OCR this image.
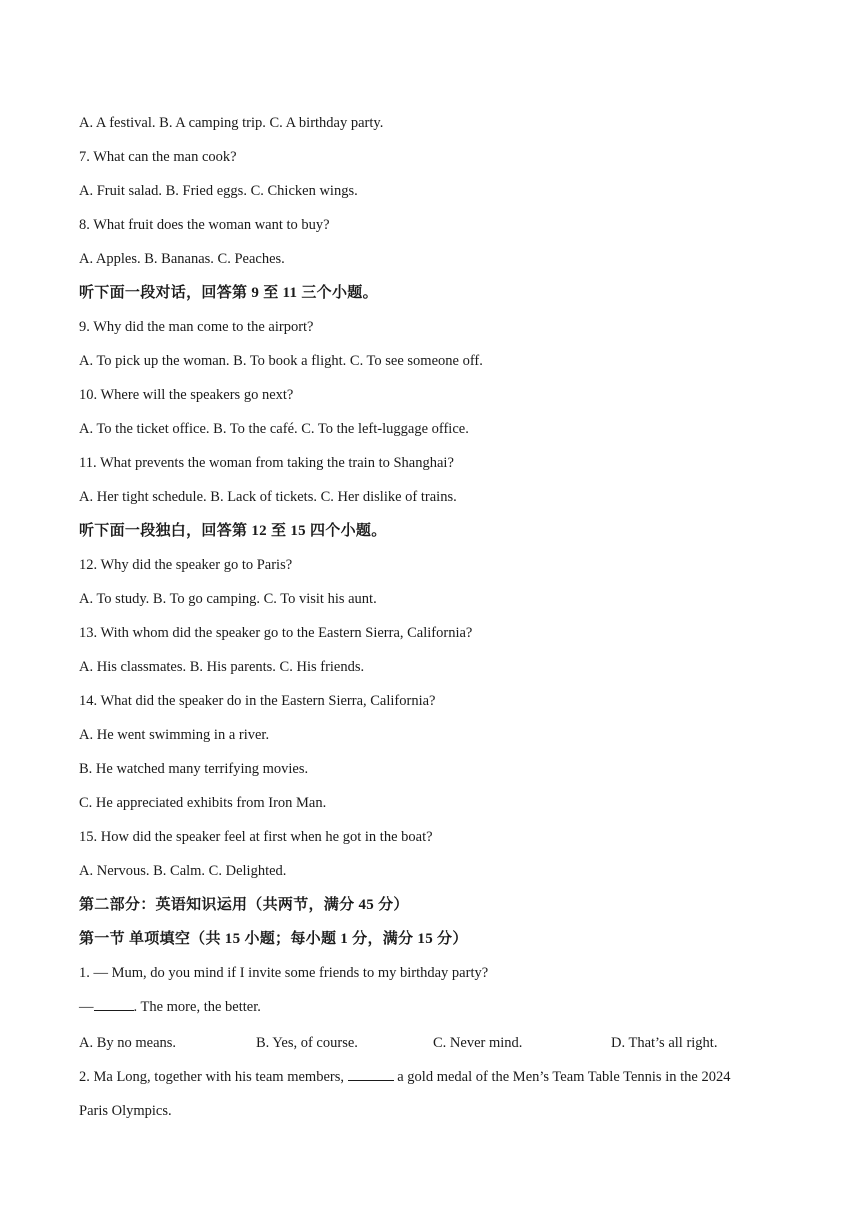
A. A festival. B. A camping trip. C. A birthday party.
7. What can the man cook?
A. Fruit salad. B. Fried eggs. C. Chicken wings.
8. What fruit does the woman want to buy?
A. Apples. B. Bananas. C. Peaches.
听下面一段对话，回答第 9 至 11 三个小题。
9. Why did the man come to the airport?
A. To pick up the woman. B. To book a flight. C. To see someone off.
10. Where will the speakers go next?
A. To the ticket office. B. To the café. C. To the left-luggage office.
11. What prevents the woman from taking the train to Shanghai?
A. Her tight schedule. B. Lack of tickets. C. Her dislike of trains.
听下面一段独白，回答第 12 至 15 四个小题。
12. Why did the speaker go to Paris?
A. To study. B. To go camping. C. To visit his aunt.
13. With whom did the speaker go to the Eastern Sierra, California?
A. His classmates. B. His parents. C. His friends.
14. What did the speaker do in the Eastern Sierra, California?
A. He went swimming in a river.
B. He watched many terrifying movies.
C. He appreciated exhibits from Iron Man.
15. How did the speaker feel at first when he got in the boat?
A. Nervous. B. Calm. C. Delighted.
第二部分：英语知识运用（共两节，满分 45 分）
第一节 单项填空（共 15 小题；每小题 1 分，满分 15 分）
1. — Mum, do you mind if I invite some friends to my birthday party?
—	. The more, the better.
A. By no means.	B. Yes, of course.	C. Never mind.	D. That’s all right.
2. Ma Long, together with his team members,	a gold medal of the Men’s Team Table Tennis in the 2024
Paris Olympics.
